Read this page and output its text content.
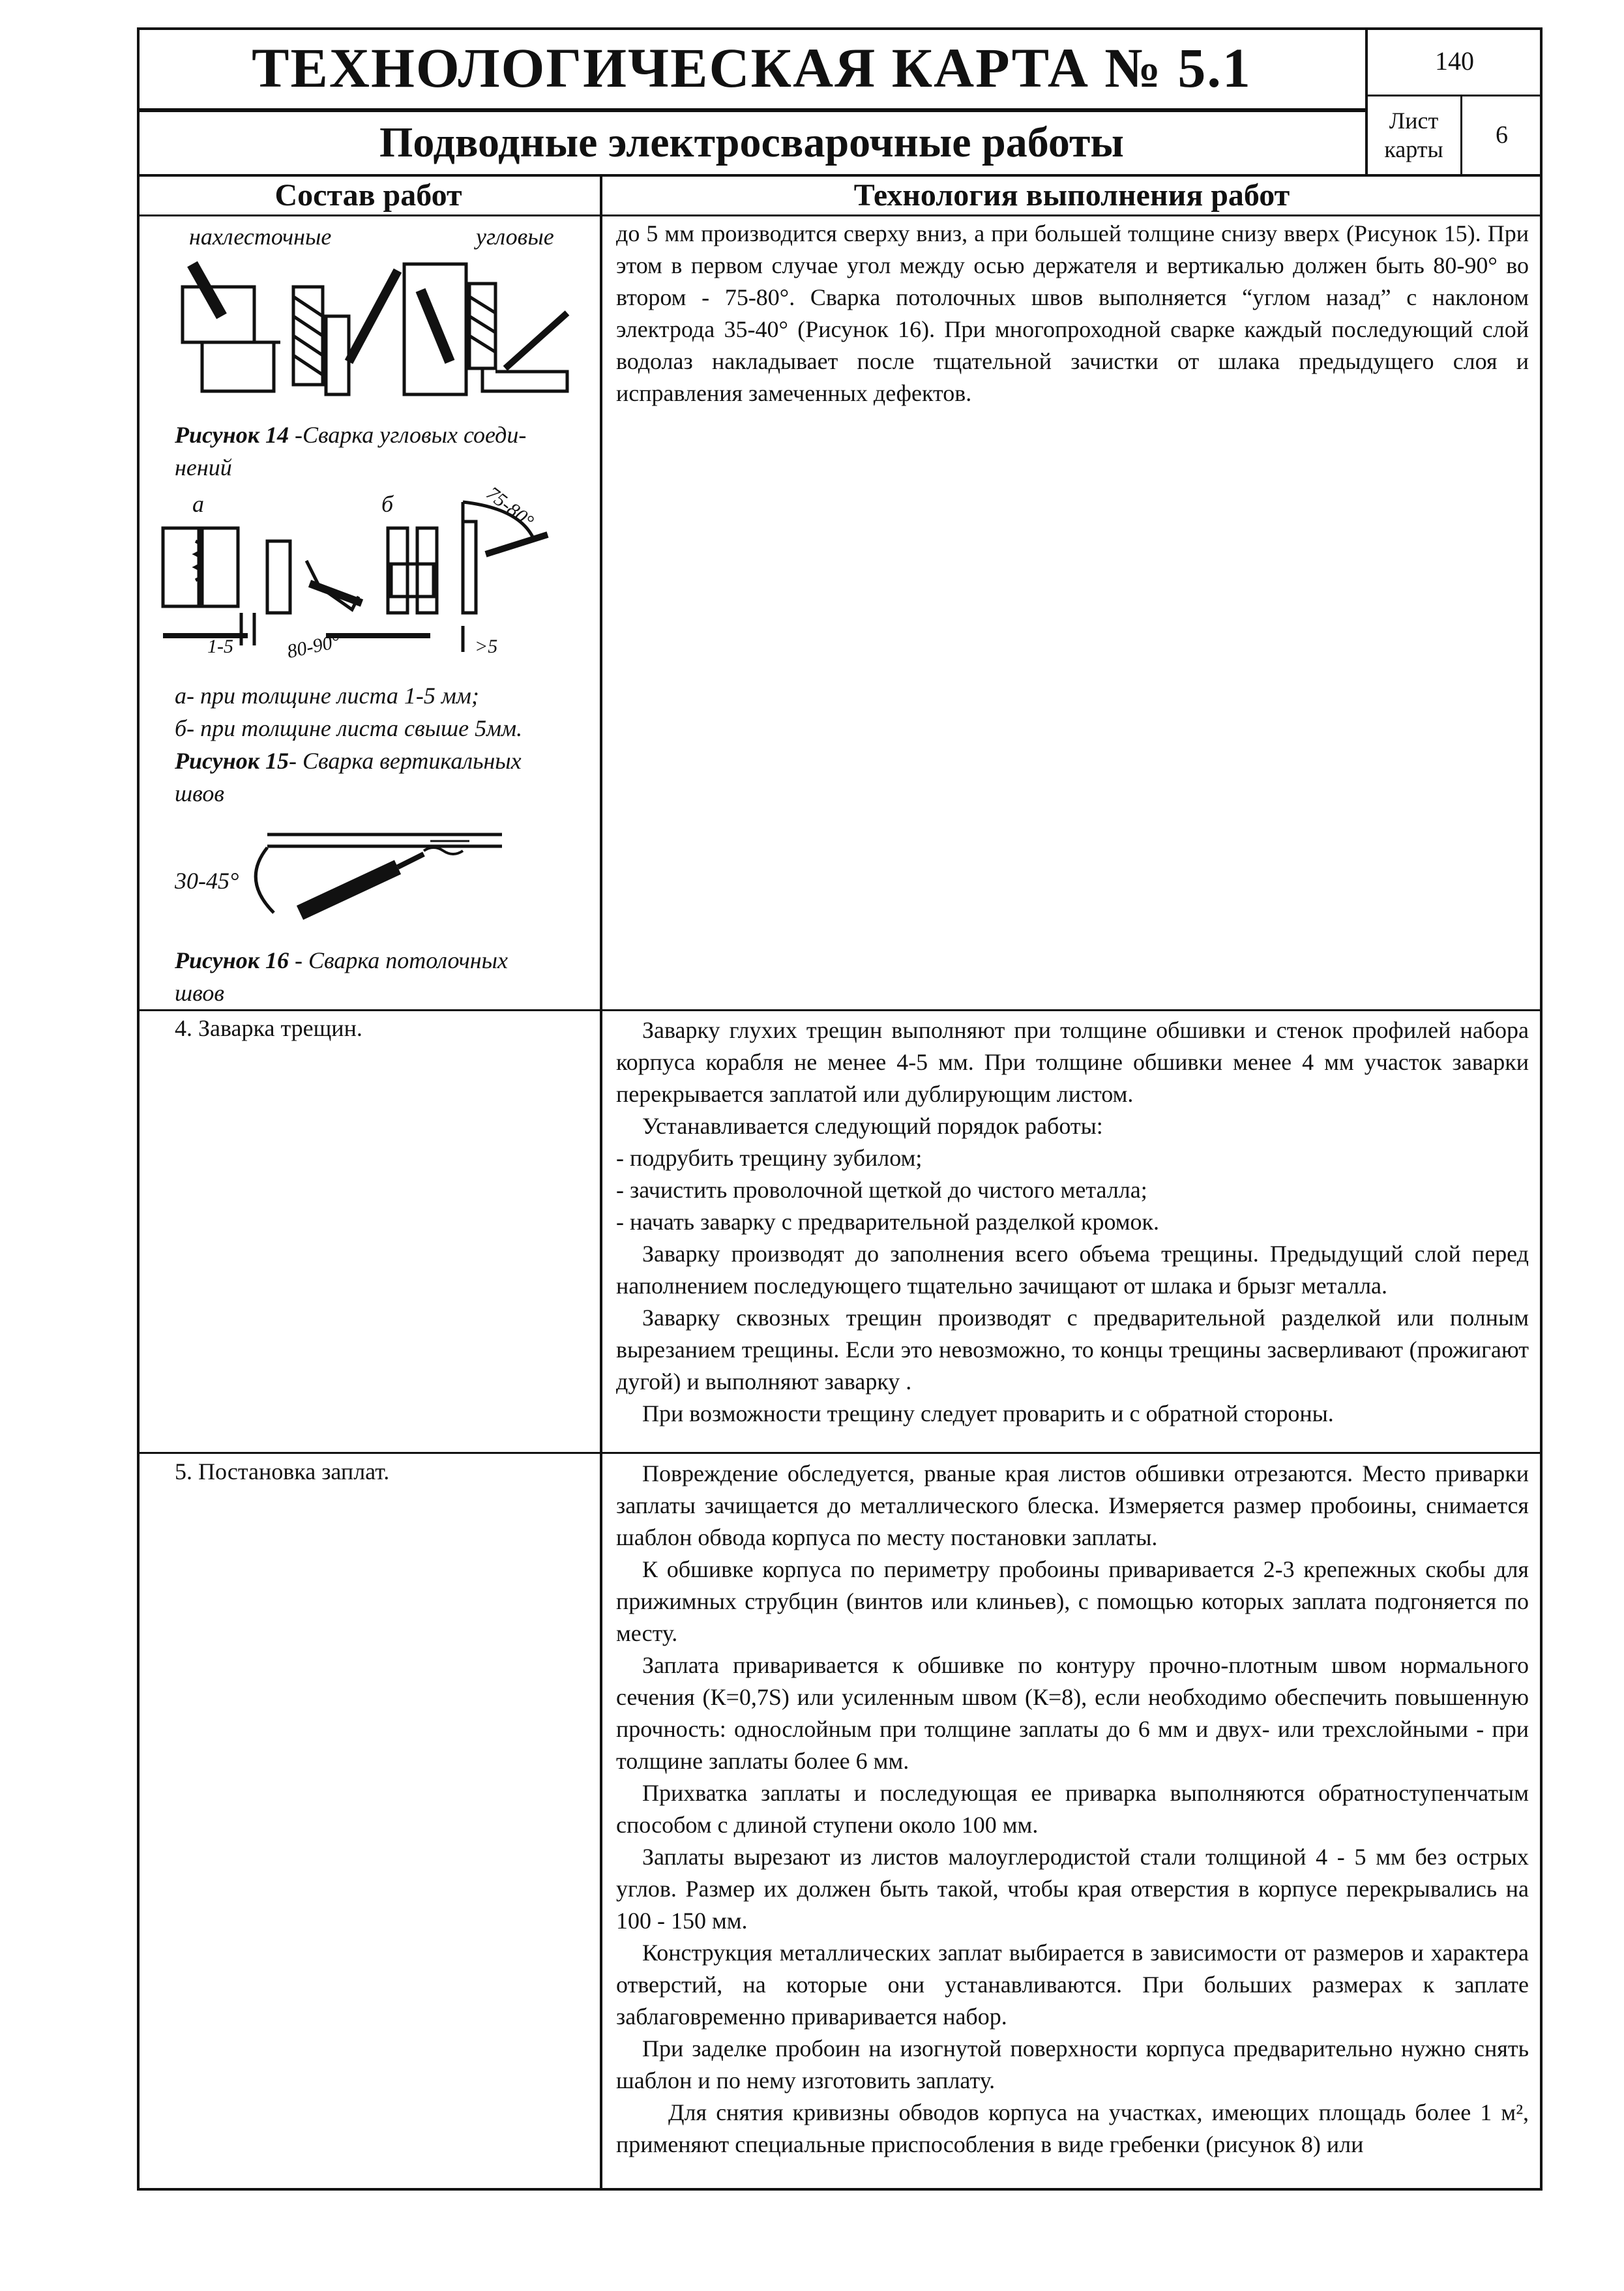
ТЕХНОЛОГИЧЕСКАЯ КАРТА № 5.1
Подводные электросварочные работы
140
Лист
карты
6
Состав работ	Технология выполнения работ
нахлесточные	угловые
Рисунок 14 -Сварка угловых соеди-
нений
а	б	75-80°
1-5	80-90°	>5
а- при толщине листа 1-5 мм;
б- при толщине листа свыше 5мм.
Рисунок 15- Сварка вертикальных
швов
30-45°
Рисунок 16 - Сварка потолочных
швов

до 5 мм производится сверху вниз, а при большей толщине снизу вверх (Рисунок 15). При этом в первом случае угол между осью держателя и вертикалью должен быть 80-90° во втором - 75-80°. Сварка потолочных швов выполняется “углом назад” с наклоном электрода 35-40° (Рисунок 16). При многопроходной сварке каждый последующий слой водолаз накладывает после тщательной зачистки от шлака предыдущего слоя и исправления замеченных дефектов.

4. Заварка трещин.	Заварку глухих трещин выполняют при толщине обшивки и стенок профилей набора корпуса корабля не менее 4-5 мм. При толщине обшивки менее 4 мм участок заварки перекрывается заплатой или дублирующим листом.

Устанавливается следующий порядок работы:

- подрубить трещину зубилом;

- зачистить проволочной щеткой до чистого металла;

- начать заварку с предварительной разделкой кромок.

Заварку производят до заполнения всего объема трещины. Предыдущий слой перед наполнением последующего тщательно зачищают от шлака и брызг металла.

Заварку сквозных трещин производят с предварительной разделкой или полным вырезанием трещины. Если это невозможно, то концы трещины засверливают (прожигают дугой) и выполняют заварку .

При возможности трещину следует проварить и с обратной стороны.

5. Постановка заплат.	Повреждение обследуется, рваные края листов обшивки отрезаются. Место приварки заплаты зачищается до металлического блеска. Измеряется размер пробоины, снимается шаблон обвода корпуса по месту постановки заплаты.

К обшивке корпуса по периметру пробоины приваривается 2-3 крепежных скобы для прижимных струбцин (винтов или клиньев), с помощью которых заплата подгоняется по месту.

Заплата приваривается к обшивке по контуру прочно-плотным швом нормального сечения (К=0,7S) или усиленным швом (К=8), если необходимо обеспечить повышенную прочность: однослойным при толщине заплаты до 6 мм и двух- или трехслойными - при толщине заплаты более 6 мм.

Прихватка заплаты и последующая ее приварка выполняются обратноступенчатым способом с длиной ступени около 100 мм.

Заплаты вырезают из листов малоуглеродистой стали толщиной 4 - 5 мм без острых углов. Размер их должен быть такой, чтобы края отверстия в корпусе перекрывались на 100 - 150 мм.

Конструкция металлических заплат выбирается в зависимости от размеров и характера отверстий, на которые они устанавливаются. При больших размерах к заплате заблаговременно приваривается набор.

При заделке пробоин на изогнутой поверхности корпуса предварительно нужно снять шаблон и по нему изготовить заплату.

Для снятия кривизны обводов корпуса на участках, имеющих площадь более 1 м², применяют специальные приспособления в виде гребенки (рисунок 8) или
